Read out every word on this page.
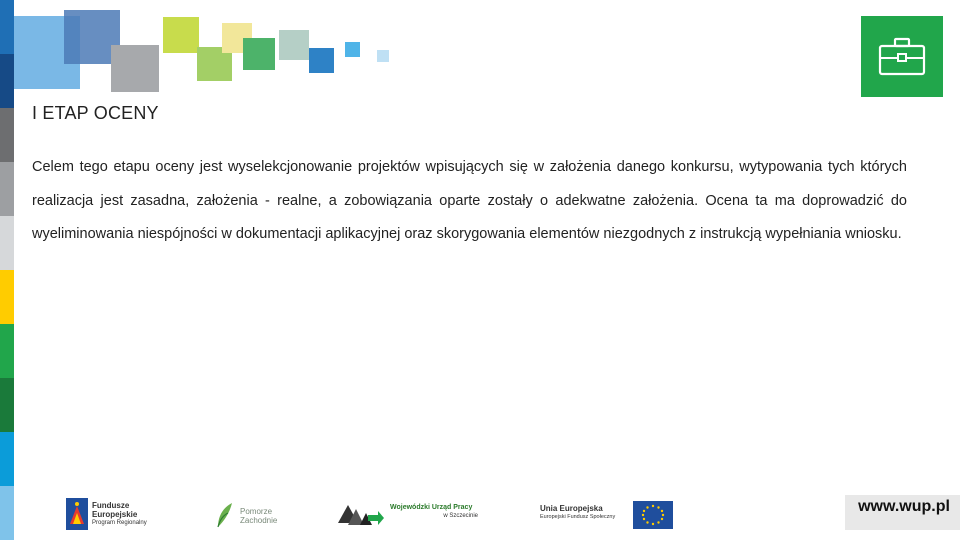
I ETAP OCENY
Celem tego etapu oceny jest wyselekcjonowanie projektów wpisujących się w założenia danego konkursu, wytypowania tych których realizacja jest zasadna, założenia - realne, a zobowiązania oparte zostały o adekwatne założenia. Ocena ta ma doprowadzić do wyeliminowania niespójności w dokumentacji aplikacyjnej oraz skorygowania elementów niezgodnych z instrukcją wypełniania wniosku.
Fundusze
Europejskie
Program Regionalny
Pomorze
Zachodnie
Wojewódzki Urząd Pracy
w Szczecinie
Unia Europejska
Europejski Fundusz Społeczny
www.wup.pl
